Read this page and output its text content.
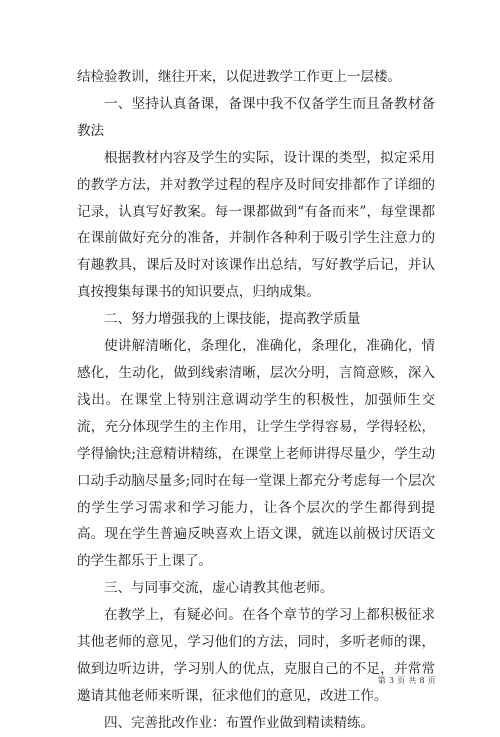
结检验教训，继往开来，以促进教学工作更上一层楼。

一、坚持认真备课，备课中我不仅备学生而且备教材备教法

根据教材内容及学生的实际，设计课的类型，拟定采用的教学方法，并对教学过程的程序及时间安排都作了详细的记录，认真写好教案。每一课都做到“有备而来”，每堂课都在课前做好充分的准备，并制作各种利于吸引学生注意力的有趣教具，课后及时对该课作出总结，写好教学后记，并认真按搜集每课书的知识要点，归纳成集。

二、努力增强我的上课技能，提高教学质量

使讲解清晰化，条理化，准确化，条理化，准确化，情感化，生动化，做到线索清晰，层次分明，言简意赅，深入浅出。在课堂上特别注意调动学生的积极性，加强师生交流，充分体现学生的主作用，让学生学得容易，学得轻松，学得愉快;注意精讲精练，在课堂上老师讲得尽量少，学生动口动手动脑尽量多;同时在每一堂课上都充分考虑每一个层次的学生学习需求和学习能力，让各个层次的学生都得到提高。现在学生普遍反映喜欢上语文课，就连以前极讨厌语文的学生都乐于上课了。

三、与同事交流，虚心请教其他老师。

在教学上，有疑必问。在各个章节的学习上都积极征求其他老师的意见，学习他们的方法，同时，多听老师的课，做到边听边讲，学习别人的优点，克服自己的不足，并常常邀请其他老师来听课，征求他们的意见，改进工作。

四、完善批改作业：布置作业做到精读精练。

第 3 页 共 8 页
